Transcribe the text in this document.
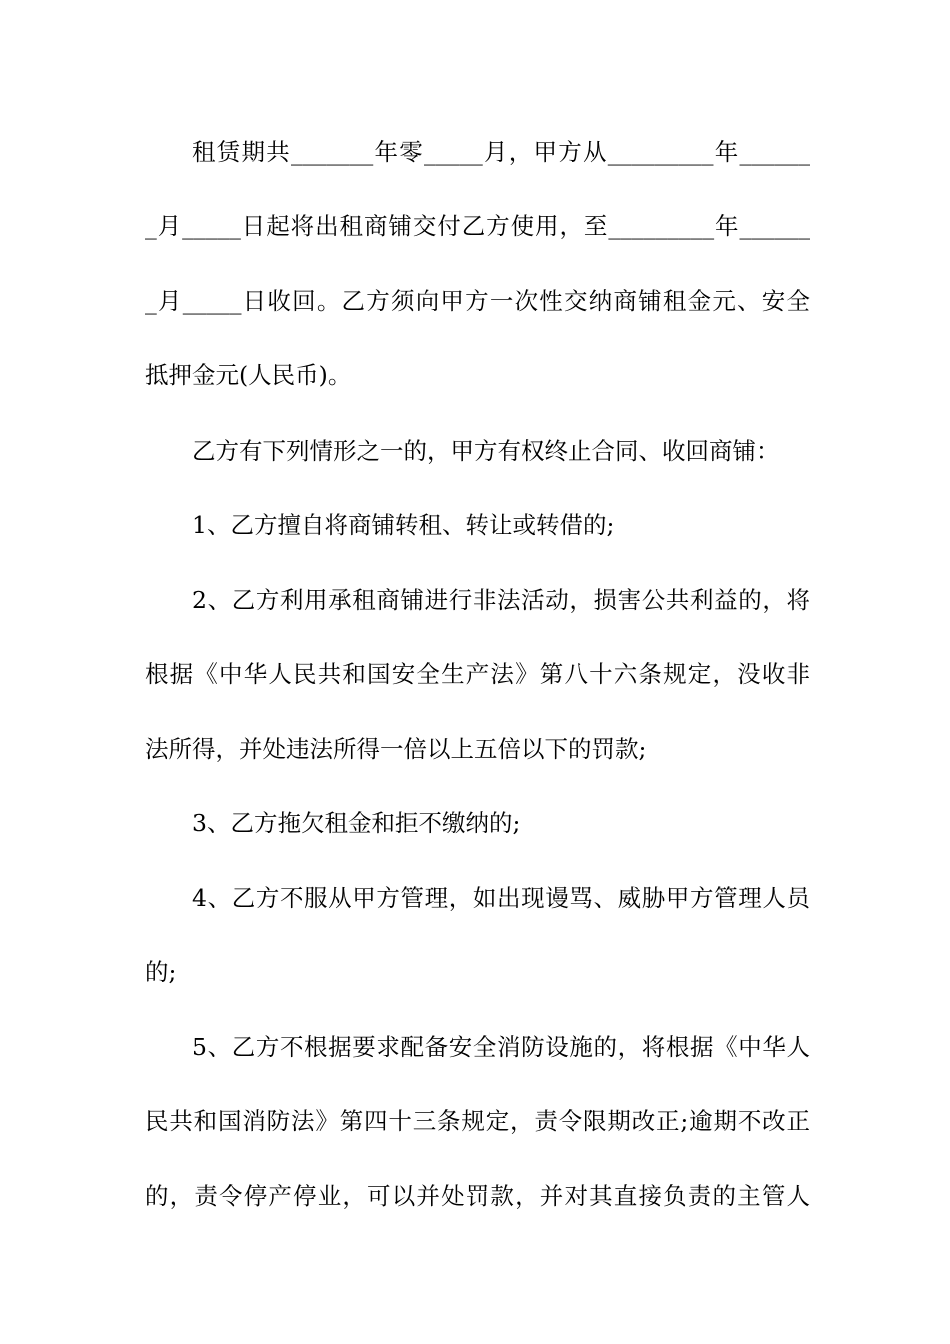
租赁期共_______年零_____月，甲方从_________年______

_月_____日起将出租商铺交付乙方使用，至_________年______

_月_____日收回。乙方须向甲方一次性交纳商铺租金元、安全

抵押金元(人民币)。

乙方有下列情形之一的，甲方有权终止合同、收回商铺：

1、乙方擅自将商铺转租、转让或转借的;

2、乙方利用承租商铺进行非法活动，损害公共利益的，将

根据《中华人民共和国安全生产法》第八十六条规定，没收非

法所得，并处违法所得一倍以上五倍以下的罚款;

3、乙方拖欠租金和拒不缴纳的;

4、乙方不服从甲方管理，如出现谩骂、威胁甲方管理人员

的;

5、乙方不根据要求配备安全消防设施的，将根据《中华人

民共和国消防法》第四十三条规定，责令限期改正;逾期不改正

的，责令停产停业，可以并处罚款，并对其直接负责的主管人
